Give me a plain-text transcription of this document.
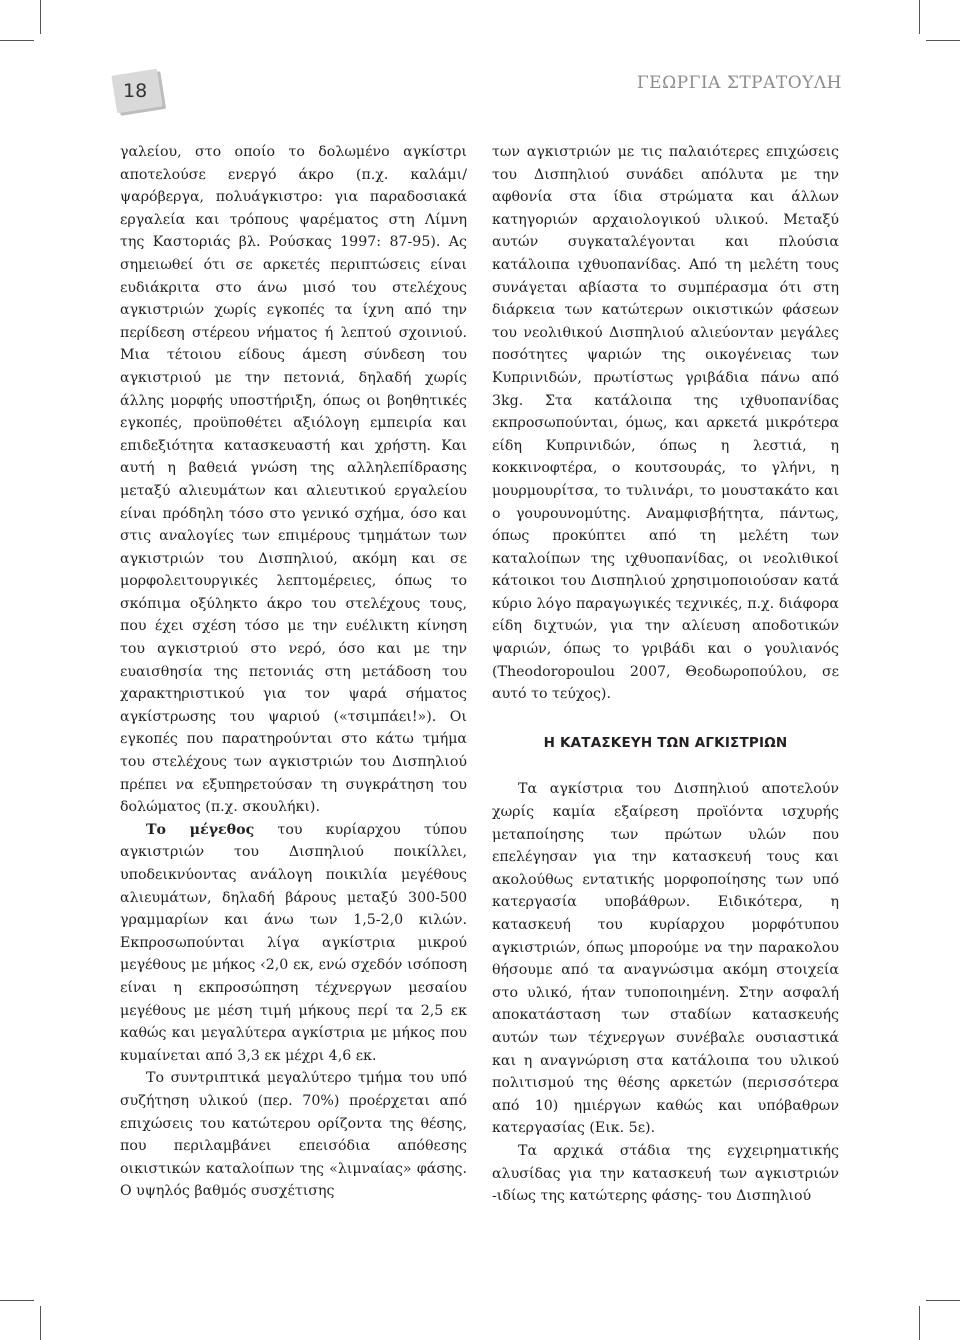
18	ΓΕΩΡΓΙΑ ΣΤΡΑΤΟΥΛΗ

γαλείου, στο οποίο το δολωμένο αγκίστρι αποτελούσε ενεργό άκρο (π.χ. καλάμι/ψαρόβεργα, πολυάγκιστρο: για παραδοσιακά εργαλεία και τρόπους ψαρέματος στη Λίμνη της Καστοριάς βλ. Ρούσκας 1997: 87-95). Ας σημειωθεί ότι σε αρκετές περιπτώσεις είναι ευδιάκριτα στο άνω μισό του στελέχους αγκιστριών χωρίς εγκοπές τα ίχνη από την περίδεση στέρεου νήματος ή λεπτού σχοινιού. Μια τέτοιου είδους άμεση σύνδεση του αγκιστριού με την πετονιά, δηλαδή χωρίς άλλης μορφής υποστήριξη, όπως οι βοηθητικές εγκοπές, προϋποθέτει αξιόλογη εμπειρία και επιδεξιότητα κατασκευαστή και χρήστη. Και αυτή η βαθειά γνώση της αλληλεπίδρασης μεταξύ αλιευμάτων και αλιευτικού εργαλείου είναι πρόδηλη τόσο στο γενικό σχήμα, όσο και στις αναλογίες των επιμέρους τμημάτων των αγκιστριών του Δισπηλιού, ακόμη και σε μορφολειτουργικές λεπτομέρειες, όπως το σκόπιμα οξύληκτο άκρο του στελέχους τους, που έχει σχέση τόσο με την ευέλικτη κίνηση του αγκιστριού στο νερό, όσο και με την ευαισθησία της πετονιάς στη μετάδοση του χαρακτηριστικού για τον ψαρά σήματος αγκίστρωσης του ψαριού («τσιμπάει!»). Οι εγκοπές που παρατηρούνται στο κάτω τμήμα του στελέχους των αγκιστριών του Δισπηλιού πρέπει να εξυπηρετούσαν τη συγκράτηση του δολώματος (π.χ. σκουλήκι).

Το μέγεθος του κυρίαρχου τύπου αγκιστριών του Δισπηλιού ποικίλλει, υποδεικνύοντας ανάλογη ποικιλία μεγέθους αλιευμάτων, δηλαδή βάρους μεταξύ 300-500 γραμμαρίων και άνω των 1,5-2,0 κιλών. Εκπροσωπούνται λίγα αγκίστρια μικρού μεγέθους με μήκος ‹2,0 εκ, ενώ σχεδόν ισόποση είναι η εκπροσώπηση τέχνεργων μεσαίου μεγέθους με μέση τιμή μήκους περί τα 2,5 εκ καθώς και μεγαλύτερα αγκίστρια με μήκος που κυμαίνεται από 3,3 εκ μέχρι 4,6 εκ.

Το συντριπτικά μεγαλύτερο τμήμα του υπό συζήτηση υλικού (περ. 70%) προέρχεται από επιχώσεις του κατώτερου ορίζοντα της θέσης, που περιλαμβάνει επεισόδια απόθεσης οικιστικών καταλοίπων της «λιμναίας» φάσης. Ο υψηλός βαθμός συσχέτισης

των αγκιστριών με τις παλαιότερες επιχώσεις του Δισπηλιού συνάδει απόλυτα με την αφθονία στα ίδια στρώματα και άλλων κατηγοριών αρχαιολογικού υλικού. Μεταξύ αυτών συγκαταλέγονται και πλούσια κατάλοιπα ιχθυοπανίδας. Από τη μελέτη τους συνάγεται αβίαστα το συμπέρασμα ότι στη διάρκεια των κατώτερων οικιστικών φάσεων του νεολιθικού Δισπηλιού αλιεύονταν μεγάλες ποσότητες ψαριών της οικογένειας των Κυπρινιδών, πρωτίστως γριβάδια πάνω από 3kg. Στα κατάλοιπα της ιχθυοπανίδας εκπροσωπούνται, όμως, και αρκετά μικρότερα είδη Κυπρινιδών, όπως η λεστιά, η κοκκινοφτέρα, ο κουτσουράς, το γλήνι, η μουρμουρίτσα, το τυλινάρι, το μουστακάτο και ο γουρουνομύτης. Αναμφισβήτητα, πάντως, όπως προκύπτει από τη μελέτη των καταλοίπων της ιχθυοπανίδας, οι νεολιθικοί κάτοικοι του Δισπηλιού χρησιμοποιούσαν κατά κύριο λόγο παραγωγικές τεχνικές, π.χ. διάφορα είδη διχτυών, για την αλίευση αποδοτικών ψαριών, όπως το γριβάδι και ο γουλιανός (Theodoropoulou 2007, Θεοδωροπούλου, σε αυτό το τεύχος).

Η ΚΑΤΑΣΚΕΥΗ ΤΩΝ ΑΓΚΙΣΤΡΙΩΝ

Τα αγκίστρια του Δισπηλιού αποτελούν χωρίς καμία εξαίρεση προϊόντα ισχυρής μεταποίησης των πρώτων υλών που επελέγησαν για την κατασκευή τους και ακολούθως εντατικής μορφοποίησης των υπό κατεργασία υποβάθρων. Ειδικότερα, η κατασκευή του κυρίαρχου μορφότυπου αγκιστριών, όπως μπορούμε να την παρακολου θήσουμε από τα αναγνώσιμα ακόμη στοιχεία στο υλικό, ήταν τυποποιημένη. Στην ασφαλή αποκατάσταση των σταδίων κατασκευής αυτών των τέχνεργων συνέβαλε ουσιαστικά και η αναγνώριση στα κατάλοιπα του υλικού πολιτισμού της θέσης αρκετών (περισσότερα από 10) ημιέργων καθώς και υπόβαθρων κατεργασίας (Εικ. 5ε).

Τα αρχικά στάδια της εγχειρηματικής αλυσίδας για την κατασκευή των αγκιστριών -ιδίως της κατώτερης φάσης- του Δισπηλιού
